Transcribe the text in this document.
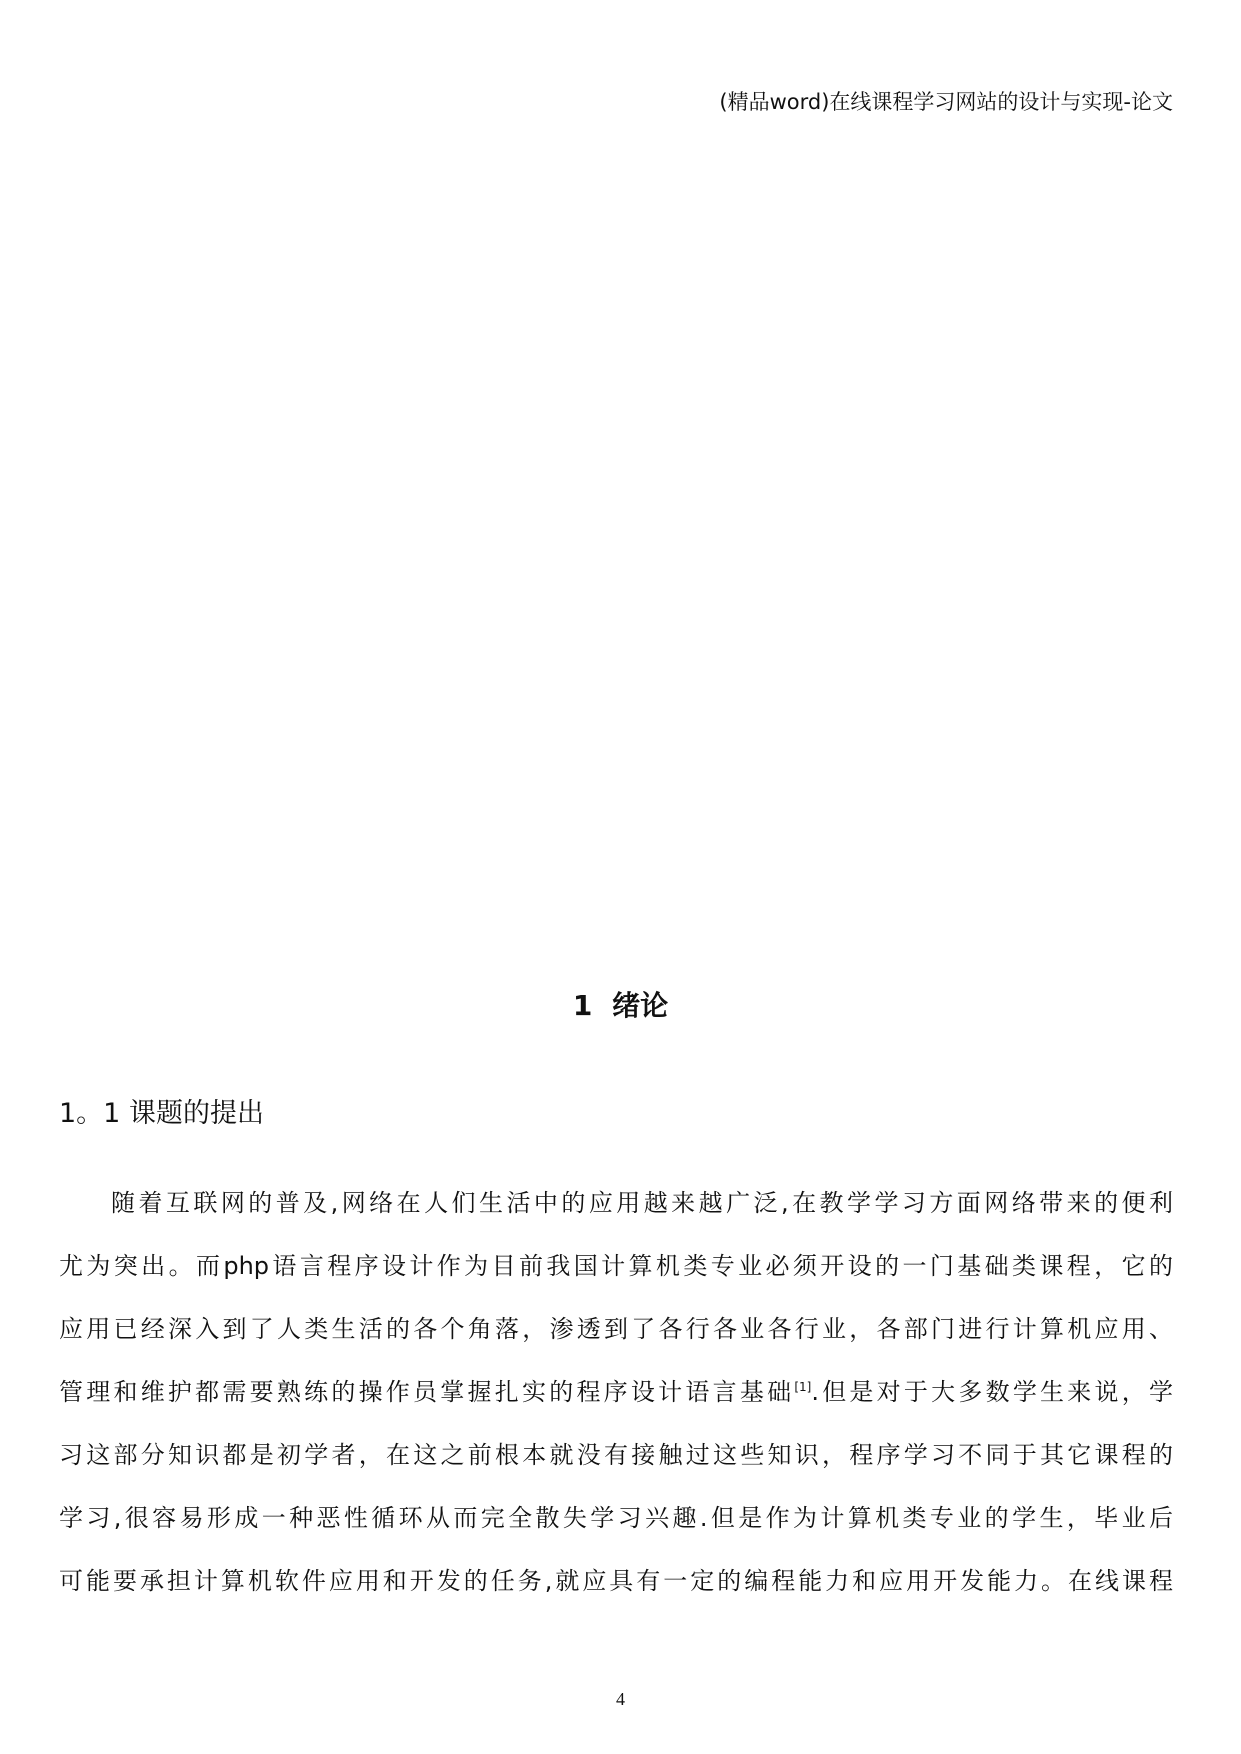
(精品word)在线课程学习网站的设计与实现-论文
1 绪论
1。1 课题的提出
随着互联网的普及,网络在人们生活中的应用越来越广泛,在教学学习方面网络带来的便利
尤为突出。而php语言程序设计作为目前我国计算机类专业必须开设的一门基础类课程，它的
应用已经深入到了人类生活的各个角落，渗透到了各行各业各行业，各部门进行计算机应用、
管理和维护都需要熟练的操作员掌握扎实的程序设计语言基础[1].但是对于大多数学生来说，学
习这部分知识都是初学者，在这之前根本就没有接触过这些知识，程序学习不同于其它课程的
学习,很容易形成一种恶性循环从而完全散失学习兴趣.但是作为计算机类专业的学生，毕业后
可能要承担计算机软件应用和开发的任务,就应具有一定的编程能力和应用开发能力。在线课程
4
